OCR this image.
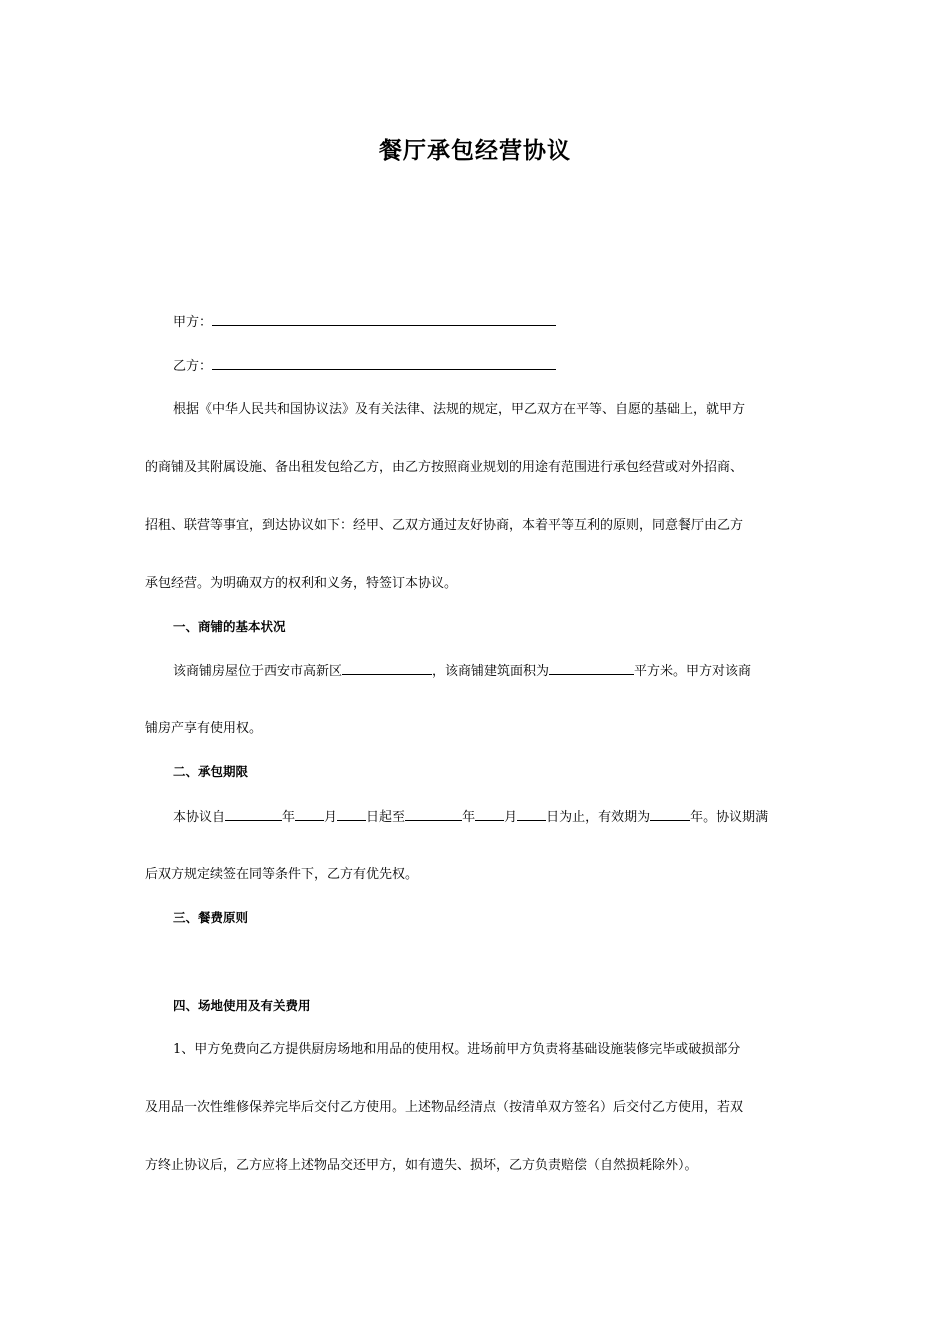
餐厅承包经营协议
甲方：
乙方：
根据《中华人民共和国协议法》及有关法律、法规的规定，甲乙双方在平等、自愿的基础上，就甲方
的商铺及其附属设施、备出租发包给乙方，由乙方按照商业规划的用途有范围进行承包经营或对外招商、
招租、联营等事宜，到达协议如下：经甲、乙双方通过友好协商，本着平等互利的原则，同意餐厅由乙方
承包经营。为明确双方的权利和义务，特签订本协议。
一、商铺的基本状况
该商铺房屋位于西安市高新区	，该商铺建筑面积为	平方米。甲方对该商
铺房产享有使用权。
二、承包期限
本协议自	年 月 日起至	年 月 日为止，有效期为	年。协议期满
后双方规定续签在同等条件下，乙方有优先权。
三、餐费原则
四、场地使用及有关费用
1、甲方免费向乙方提供厨房场地和用品的使用权。进场前甲方负责将基础设施装修完毕或破损部分
及用品一次性维修保养完毕后交付乙方使用。上述物品经清点（按清单双方签名）后交付乙方使用，若双
方终止协议后，乙方应将上述物品交还甲方，如有遗失、损坏，乙方负责赔偿（自然损耗除外）。
